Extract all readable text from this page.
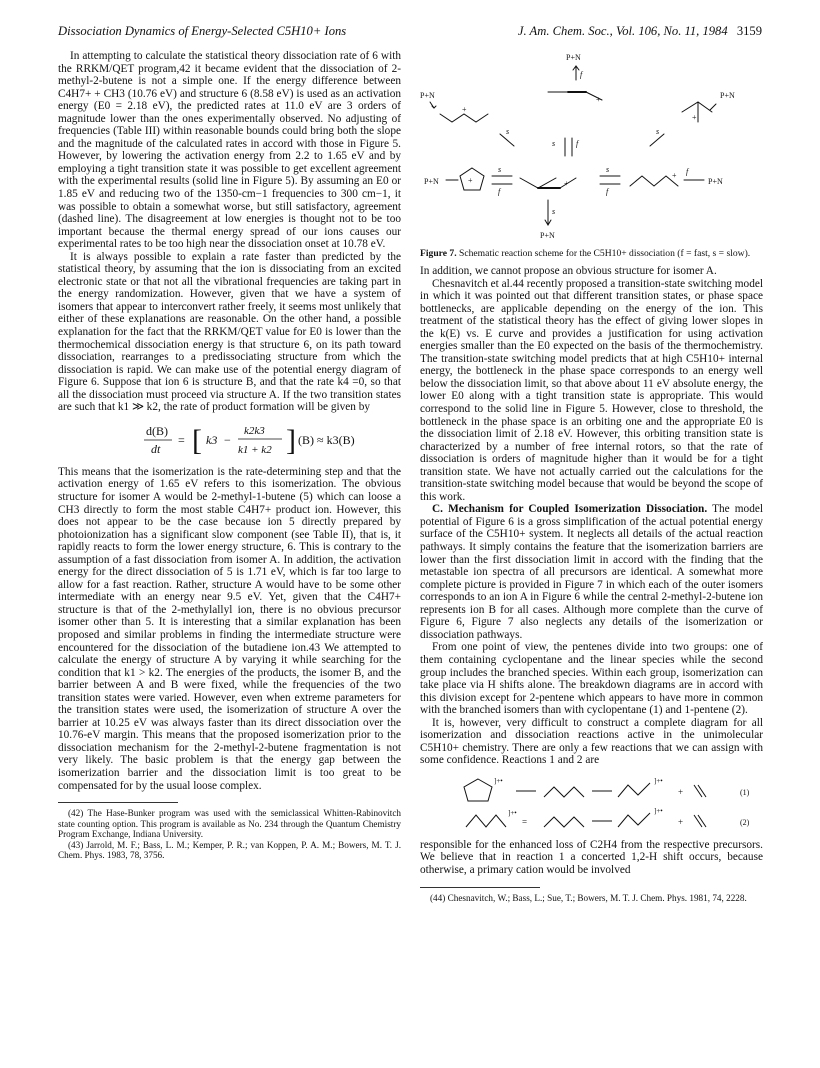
Dissociation Dynamics of Energy-Selected C5H10+ Ions	J. Am. Chem. Soc., Vol. 106, No. 11, 1984 3159

In attempting to calculate the statistical theory dissociation rate of 6 with the RRKM/QET program,42 it became evident that the dissociation of 2-methyl-2-butene is not a simple one. If the energy difference between C4H7+ + CH3 (10.76 eV) and structure 6 (8.58 eV) is used as an activation energy (E0 = 2.18 eV), the predicted rates at 11.0 eV are 3 orders of magnitude lower than the ones experimentally observed. No adjusting of frequencies (Table III) within reasonable bounds could bring both the slope and the magnitude of the calculated rates in accord with those in Figure 5. However, by lowering the activation energy from 2.2 to 1.65 eV and by employing a tight transition state it was possible to get excellent agreement with the experimental results (solid line in Figure 5). By assuming an E0 or 1.85 eV and reducing two of the 1350-cm−1 frequencies to 300 cm−1, it was possible to obtain a somewhat worse, but still satisfactory, agreement (dashed line). The disagreement at low energies is thought not to be too important because the thermal energy spread of our ions causes our experimental rates to be too high near the dissociation onset at 10.78 eV.

It is always possible to explain a rate faster than predicted by the statistical theory, by assuming that the ion is dissociating from an excited electronic state or that not all the vibrational frequencies are taking part in the energy randomization. However, given that we have a system of isomers that appear to interconvert rather freely, it seems most unlikely that either of these explanations are reasonable. On the other hand, a possible explanation for the fact that the RRKM/QET value for E0 is lower than the thermochemical dissociation energy is that structure 6, on its path toward dissociation, rearranges to a predissociating structure from which the dissociation is rapid. We can make use of the potential energy diagram of Figure 6. Suppose that ion 6 is structure B, and that the rate k4 =0, so that all the dissociation must proceed via structure A. If the two transition states are such that k1 ≫ k2, the rate of product formation will be given by

d(B)
dt
= [ k3 −
k2k3
k1 + k2 ] (B) ≈ k3(B)

This means that the isomerization is the rate-determining step and that the activation energy of 1.65 eV refers to this isomerization. The obvious structure for isomer A would be 2-methyl-1-butene (5) which can loose a CH3 directly to form the most stable C4H7+ product ion. However, this does not appear to be the case because ion 5 directly prepared by photoionization has a significant slow component (see Table II), that is, it rapidly reacts to form the lower energy structure, 6. This is contrary to the assumption of a fast dissociation from isomer A. In addition, the activation energy for the direct dissociation of 5 is 1.71 eV, which is far too large to allow for a fast reaction. Rather, structure A would have to be some other intermediate with an energy near 9.5 eV. Yet, given that the C4H7+ structure is that of the 2-methylallyl ion, there is no obvious precursor isomer other than 5. It is interesting that a similar explanation has been proposed and similar problems in finding the intermediate structure were encountered for the dissociation of the butadiene ion.43 We attempted to calculate the energy of structure A by varying it while searching for the condition that k1 > k2. The energies of the products, the isomer B, and the barrier between A and B were fixed, while the frequencies of the two transition states were varied. However, even when extreme parameters for the transition states were used, the isomerization of structure A over the barrier at 10.25 eV was always faster than its direct dissociation over the 10.76-eV margin. This means that the proposed isomerization prior to the dissociation mechanism for the 2-methyl-2-butene fragmentation is not very likely. The basic problem is that the energy gap between the isomerization barrier and the dissociation limit is too great to be compensated for by the usual loose complex.

(42) The Hase-Bunker program was used with the semiclassical Whitten-Rabinovitch state counting option. This program is available as No. 234 through the Quantum Chemistry Program Exchange, Indiana University.
(43) Jarrold, M. F.; Bass, L. M.; Kemper, P. R.; van Koppen, P. A. M.; Bowers, M. T. J. Chem. Phys. 1983, 78, 3756.
P+N
f
+
P+N
+
P+N
+
s	f
s	s
P+N	+
s
f
+
s
f
+ f
P+N
s
P+N
Figure 7. Schematic reaction scheme for the C5H10+ dissociation (f = fast, s = slow).

In addition, we cannot propose an obvious structure for isomer A.

Chesnavitch et al.44 recently proposed a transition-state switching model in which it was pointed out that different transition states, or phase space bottlenecks, are applicable depending on the energy of the ion. This treatment of the statistical theory has the effect of giving lower slopes in the k(E) vs. E curve and provides a justification for using activation energies smaller than the E0 expected on the basis of the thermochemistry. The transition-state switching model predicts that at high C5H10+ internal energy, the bottleneck in the phase space corresponds to an energy well below the dissociation limit, so that above about 11 eV absolute energy, the lower E0 along with a tight transition state is appropriate. This would correspond to the solid line in Figure 5. However, close to threshold, the bottleneck in the phase space is an orbiting one and the appropriate E0 is the dissociation limit of 2.18 eV. However, this orbiting transition state is characterized by a number of free internal rotors, so that the rate of dissociation is orders of magnitude higher than it would be for a tight transition state. We have not actually carried out the calculations for the transition-state switching model because that would be beyond the scope of this work.

C. Mechanism for Coupled Isomerization Dissociation. The model potential of Figure 6 is a gross simplification of the actual potential energy surface of the C5H10+ system. It neglects all details of the actual reaction pathways. It simply contains the feature that the isomerization barriers are lower than the first dissociation limit in accord with the finding that the metastable ion spectra of all precursors are identical. A somewhat more complete picture is provided in Figure 7 in which each of the outer isomers corresponds to an ion A in Figure 6 while the central 2-methyl-2-butene ion represents ion B for all cases. Although more complete than the curve of Figure 6, Figure 7 also neglects any details of the isomerization or dissociation pathways.

From one point of view, the pentenes divide into two groups: one of them containing cyclopentane and the linear species while the second group includes the branched species. Within each group, isomerization can take place via H shifts alone. The breakdown diagrams are in accord with this division except for 2-pentene which appears to have more in common with the branched isomers than with cyclopentane (1) and 1-pentene (2).

It is, however, very difficult to construct a complete diagram for all isomerization and dissociation reactions active in the unimolecular C5H10+ chemistry. There are only a few reactions that we can assign with some confidence. Reactions 1 and 2 are

]+•	]+•
+	(1)
]+•
=
]+•
+	(2)

responsible for the enhanced loss of C2H4 from the respective precursors. We believe that in reaction 1 a concerted 1,2-H shift occurs, because otherwise, a primary cation would be involved

(44) Chesnavitch, W.; Bass, L.; Sue, T.; Bowers, M. T. J. Chem. Phys. 1981, 74, 2228.
